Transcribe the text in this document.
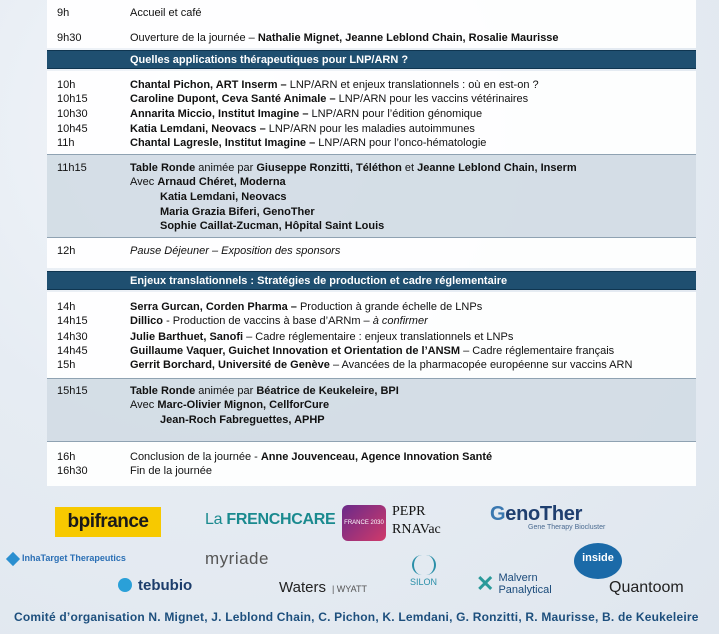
9h	Accueil et café
9h30	Ouverture de la journée – Nathalie Mignet, Jeanne Leblond Chain, Rosalie Maurisse
Quelles applications thérapeutiques pour LNP/ARN ?
10h	Chantal Pichon, ART Inserm – LNP/ARN et enjeux translationnels : où en est-on ?
10h15	Caroline Dupont, Ceva Santé Animale – LNP/ARN pour les vaccins vétérinaires
10h30	Annarita Miccio, Institut Imagine – LNP/ARN pour l’édition génomique
10h45	Katia Lemdani, Neovacs – LNP/ARN pour les maladies autoimmunes
11h	Chantal Lagresle, Institut Imagine – LNP/ARN pour l’onco-hématologie
11h15	Table Ronde animée par Giuseppe Ronzitti, Téléthon et Jeanne Leblond Chain, Inserm
Avec Arnaud Chéret, Moderna
Katia Lemdani, Neovacs
Maria Grazia Biferi, GenoTher
Sophie Caillat-Zucman, Hôpital Saint Louis
12h	Pause Déjeuner – Exposition des sponsors
Enjeux translationnels : Stratégies de production et cadre réglementaire
14h	Serra Gurcan, Corden Pharma – Production à grande échelle de LNPs
14h15	Dillico - Production de vaccins à base d’ARNm – à confirmer
14h30	Julie Barthuet, Sanofi – Cadre réglementaire : enjeux translationnels et LNPs
14h45	Guillaume Vaquer, Guichet Innovation et Orientation de l’ANSM – Cadre réglementaire français
15h	Gerrit Borchard, Université de Genève – Avancées de la pharmacopée européenne sur vaccins ARN
15h15	Table Ronde animée par Béatrice de Keukeleire, BPI
Avec Marc-Olivier Mignon, CellforCure
Jean-Roch Fabreguettes, APHP
16h	Conclusion de la journée - Anne Jouvenceau, Agence Innovation Santé
16h30	Fin de la journée
bpifrance	La FRENCHCARE	FRANCE 2030
PEPR
RNAVac
GenoTher
Gene Therapy Biocluster
InhaTarget Therapeutics	myriade
SILON
inside
tebubio	Waters | WYATT	✕ Malvern
Panalytical	Quantoom
Comité d’organisation N. Mignet, J. Leblond Chain, C. Pichon, K. Lemdani, G. Ronzitti, R. Maurisse, B. de Keukeleire
